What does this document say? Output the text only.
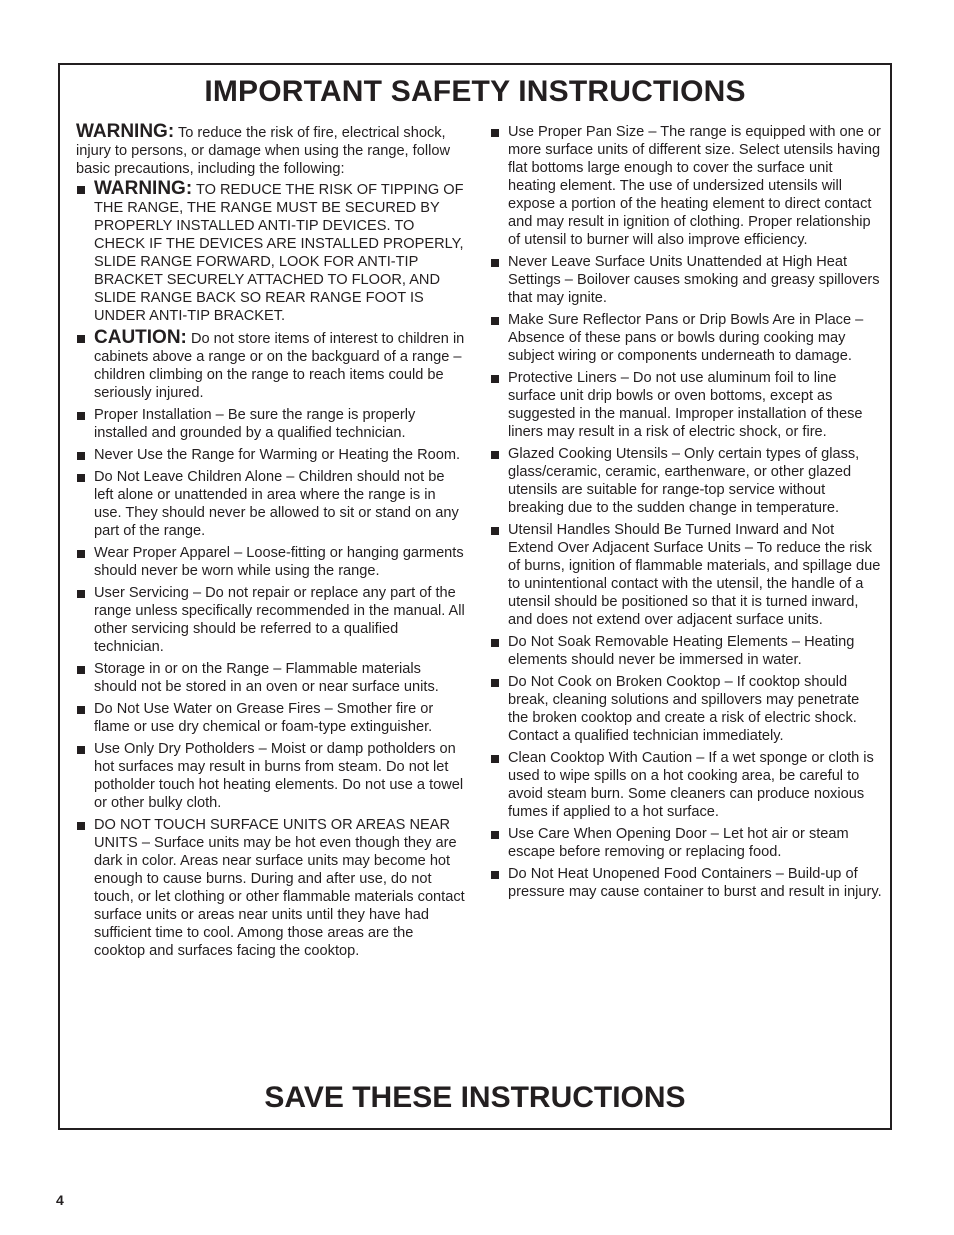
IMPORTANT SAFETY INSTRUCTIONS

WARNING: To reduce the risk of fire, electrical shock, injury to persons, or damage when using the range, follow basic precautions, including the following:

WARNING: TO REDUCE THE RISK OF TIPPING OF THE RANGE, THE RANGE MUST BE SECURED BY PROPERLY INSTALLED ANTI-TIP DEVICES. TO CHECK IF THE DEVICES ARE INSTALLED PROPERLY, SLIDE RANGE FORWARD, LOOK FOR ANTI-TIP BRACKET SECURELY ATTACHED TO FLOOR, AND SLIDE RANGE BACK SO REAR RANGE FOOT IS UNDER ANTI-TIP BRACKET.
CAUTION: Do not store items of interest to children in cabinets above a range or on the backguard of a range – children climbing on the range to reach items could be seriously injured.
Proper Installation – Be sure the range is properly installed and grounded by a qualified technician.
Never Use the Range for Warming or Heating the Room.
Do Not Leave Children Alone – Children should not be left alone or unattended in area where the range is in use. They should never be allowed to sit or stand on any part of the range.
Wear Proper Apparel – Loose-fitting or hanging garments should never be worn while using the range.
User Servicing – Do not repair or replace any part of the range unless specifically recommended in the manual. All other servicing should be referred to a qualified technician.
Storage in or on the Range – Flammable materials should not be stored in an oven or near surface units.
Do Not Use Water on Grease Fires – Smother fire or flame or use dry chemical or foam-type extinguisher.
Use Only Dry Potholders – Moist or damp potholders on hot surfaces may result in burns from steam. Do not let potholder touch hot heating elements. Do not use a towel or other bulky cloth.
DO NOT TOUCH SURFACE UNITS OR AREAS NEAR UNITS – Surface units may be hot even though they are dark in color. Areas near surface units may become hot enough to cause burns. During and after use, do not touch, or let clothing or other flammable materials contact surface units or areas near units until they have had sufficient time to cool. Among those areas are the cooktop and surfaces facing the cooktop.
Use Proper Pan Size – The range is equipped with one or more surface units of different size. Select utensils having flat bottoms large enough to cover the surface unit heating element. The use of undersized utensils will expose a portion of the heating element to direct contact and may result in ignition of clothing. Proper relationship of utensil to burner will also improve efficiency.
Never Leave Surface Units Unattended at High Heat Settings – Boilover causes smoking and greasy spillovers that may ignite.
Make Sure Reflector Pans or Drip Bowls Are in Place – Absence of these pans or bowls during cooking may subject wiring or components underneath to damage.
Protective Liners – Do not use aluminum foil to line surface unit drip bowls or oven bottoms, except as suggested in the manual. Improper installation of these liners may result in a risk of electric shock, or fire.
Glazed Cooking Utensils – Only certain types of glass, glass/ceramic, ceramic, earthenware, or other glazed utensils are suitable for range-top service without breaking due to the sudden change in temperature.
Utensil Handles Should Be Turned Inward and Not Extend Over Adjacent Surface Units – To reduce the risk of burns, ignition of flammable materials, and spillage due to unintentional contact with the utensil, the handle of a utensil should be positioned so that it is turned inward, and does not extend over adjacent surface units.
Do Not Soak Removable Heating Elements – Heating elements should never be immersed in water.
Do Not Cook on Broken Cooktop – If cooktop should break, cleaning solutions and spillovers may penetrate the broken cooktop and create a risk of electric shock. Contact a qualified technician immediately.
Clean Cooktop With Caution – If a wet sponge or cloth is used to wipe spills on a hot cooking area, be careful to avoid steam burn. Some cleaners can produce noxious fumes if applied to a hot surface.
Use Care When Opening Door – Let hot air or steam escape before removing or replacing food.
Do Not Heat Unopened Food Containers – Build-up of pressure may cause container to burst and result in injury.
SAVE THESE INSTRUCTIONS
4
